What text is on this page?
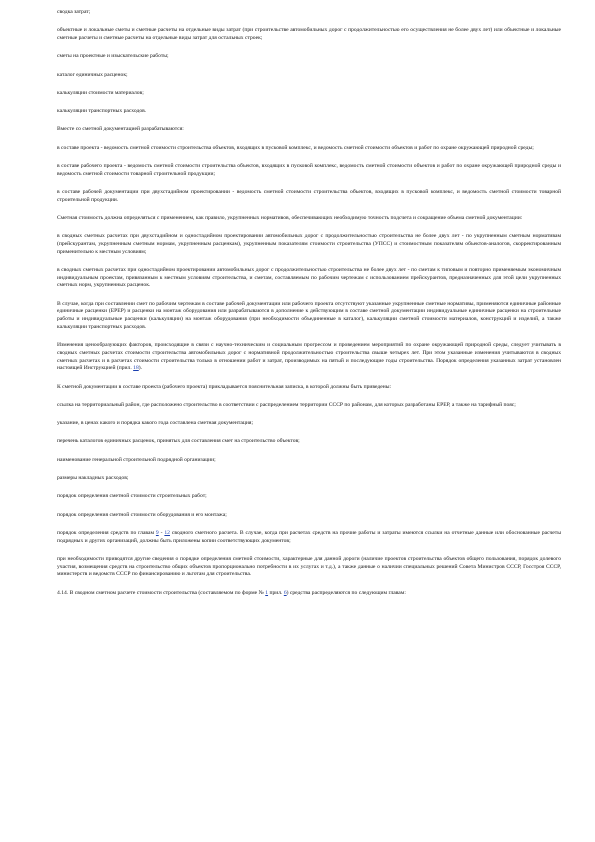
сводка затрат;

объектные и локальные сметы и сметные расчеты на отдельные виды затрат (при строительстве автомобильных дорог с продолжительностью его осуществления не более двух лет) или объектные и локальные сметные расчеты и сметные расчеты на отдельные виды затрат для остальных строек;

сметы на проектные и изыскательские работы;

каталог единичных расценок;

калькуляции стоимости материалов;

калькуляции транспортных расходов.

Вместе со сметной документацией разрабатываются:

в составе проекта - ведомость сметной стоимости строительства объектов, входящих в пусковой комплекс, и ведомость сметной стоимости объектов и работ по охране окружающей природной среды;

в составе рабочего проекта - ведомость сметной стоимости строительства объектов, входящих в пусковой комплекс, ведомость сметной стоимости объектов и работ по охране окружающей природной среды и ведомость сметной стоимости товарной строительной продукции;

в составе рабочей документации при двухстадийном проектировании - ведомость сметной стоимости строительства объектов, входящих в пусковой комплекс, и ведомость сметной стоимости товарной строительной продукции.

Сметная стоимость должна определяться с применением, как правило, укрупненных нормативов, обеспечивающих необходимую точность подсчета и сокращение объема сметной документации:

в сводных сметных расчетах при двухстадийном и одностадийном проектировании автомобильных дорог с продолжительностью строительства не более двух лет - по укрупненным сметным нормативам (прейскурантам, укрупненным сметным нормам, укрупненным расценкам), укрупненным показателям стоимости строительства (УПСС) и стоимостным показателям объектов-аналогов, скорректированным применительно к местным условиям;

в сводных сметных расчетах при одностадийном проектировании автомобильных дорог с продолжительностью строительства не более двух лет - по сметам к типовым и повторно применяемым экономичным индивидуальным проектам, привязанным к местным условиям строительства, и сметам, составляемым по рабочим чертежам с использованием прейскурантов, предназначенных для этой цели укрупненных сметных норм, укрупненных расценок.

В случае, когда при составлении смет по рабочим чертежам в составе рабочей документации или рабочего проекта отсутствуют указанные укрупненные сметные нормативы, применяются единичные районные единичные расценки (ЕРЕР) и расценки на монтаж оборудования или разрабатываются в дополнение к действующим в составе сметной документации индивидуальные единичные расценки на строительные работы и индивидуальные расценки (калькуляции) на монтаж оборудования (при необходимости объединенные в каталог), калькуляции сметной стоимости материалов, конструкций и изделий, а также калькуляции транспортных расходов.

Изменения ценообразующих факторов, происходящие в связи с научно-техническим и социальным прогрессом и проведением мероприятий по охране окружающей природной среды, следует учитывать в сводных сметных расчетах стоимости строительства автомобильных дорог с нормативной продолжительностью строительства свыше четырех лет. При этом указанные изменения учитываются в сводных сметных расчетах и в расчетах стоимости строительства только в отношении работ и затрат, производимых на пятый и последующие годы строительства. Порядок определения указанных затрат установлен настоящей Инструкцией (прил. 18).

К сметной документации в составе проекта (рабочего проекта) прикладывается пояснительная записка, в которой должны быть приведены:

ссылка на территориальный район, где расположено строительство в соответствии с распределением территории СССР по районам, для которых разработаны ЕРЕР, а также на тарифный пояс;

указание, в ценах какого и порядка какого года составлена сметная документация;

перечень каталогов единичных расценок, принятых для составления смет на строительство объектов;

наименование генеральной строительной подрядной организации;

размеры накладных расходов;

порядок определения сметной стоимости строительных работ;

порядок определения сметной стоимости оборудования и его монтажа;

порядок определения средств по главам 9 - 12 сводного сметного расчета. В случае, когда при расчетах средств на прочие работы и затраты имеются ссылки на отчетные данные или обоснованные расчеты подрядных и других организаций, должны быть приложены копии соответствующих документов;

при необходимости приводятся другие сведения о порядке определения сметной стоимости, характерные для данной дороги (наличие проектов строительства объектов общего пользования, порядок долевого участия, возмещения средств на строительство общих объектов пропорционально потребности в их услугах и т.д.), а также данные о наличии специальных решений Совета Министров СССР, Госстроя СССР, министерств и ведомств СССР по финансированию и льготам для строительства.

4.14. В сводном сметном расчете стоимости строительства (составляемом по форме № 1 прил. 6) средства распределяются по следующим главам:
